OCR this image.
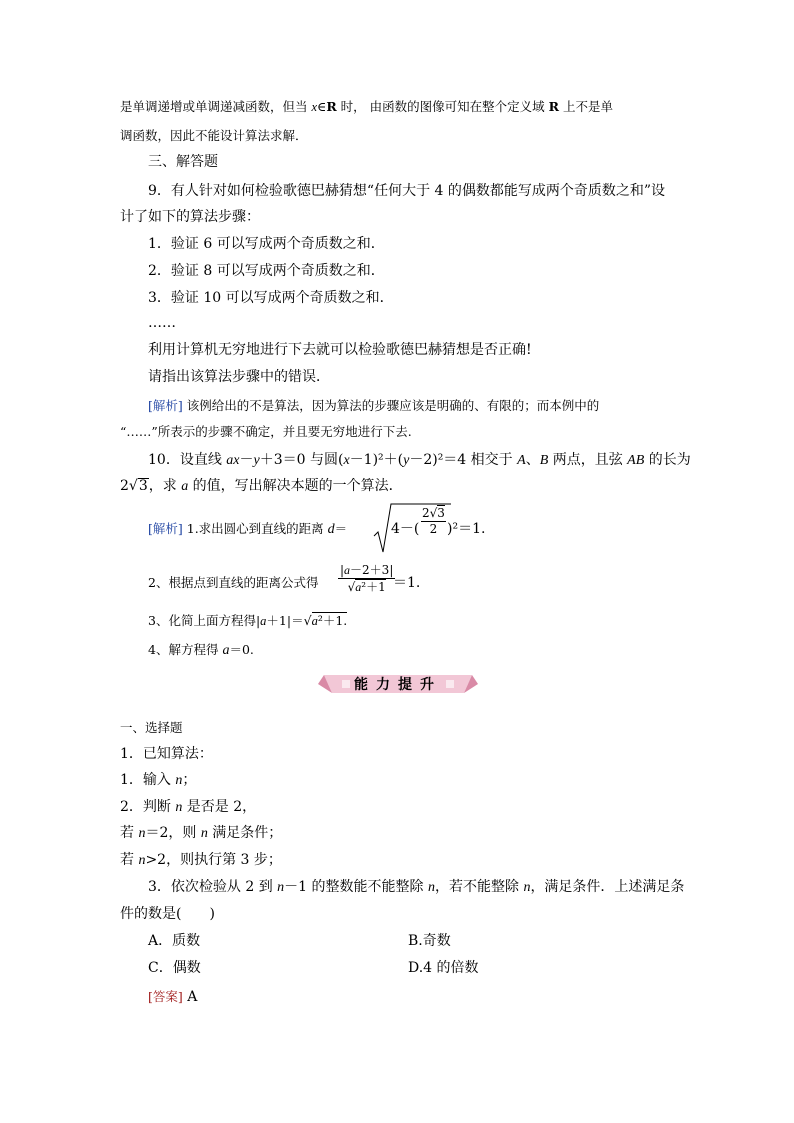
是单调递增或单调递减函数，但当 x∈R 时， 由函数的图像可知在整个定义域 R 上不是单
调函数，因此不能设计算法求解．
三、解答题
9．有人针对如何检验歌德巴赫猜想“任何大于 4 的偶数都能写成两个奇质数之和”设
计了如下的算法步骤：
1．验证 6 可以写成两个奇质数之和．
2．验证 8 可以写成两个奇质数之和．
3．验证 10 可以写成两个奇质数之和．
……
利用计算机无穷地进行下去就可以检验歌德巴赫猜想是否正确!
请指出该算法步骤中的错误．
[解析] 该例给出的不是算法，因为算法的步骤应该是明确的、有限的；而本例中的
“……”所表示的步骤不确定，并且要无穷地进行下去.
10．设直线 ax－y＋3＝0 与圆(x－1)²＋(y－2)²＝4 相交于 A、B 两点，且弦 AB 的长为
2√3，求 a 的值，写出解决本题的一个算法．
[解析] 1.求出圆心到直线的距离 d＝	$4-( \frac{2√3}{2} )^2=1$.
2、根据点到直线的距离公式得 $\frac{|a-2+3|}{\text{√a²＋1}}$
＝1.
3、化简上面方程得|a＋1|＝√a²＋1.
4、解方程得 a＝0.
能力提升
一、选择题
1．已知算法：
1．输入 n；
2．判断 n 是否是 2，
若 n＝2，则 n 满足条件；
若 n>2，则执行第 3 步；
3．依次检验从 2 到 n－1 的整数能不能整除 n，若不能整除 n，满足条件．上述满足条
件的数是(　　)
A．质数	B.奇数
C．偶数	D.4 的倍数
[答案] A
